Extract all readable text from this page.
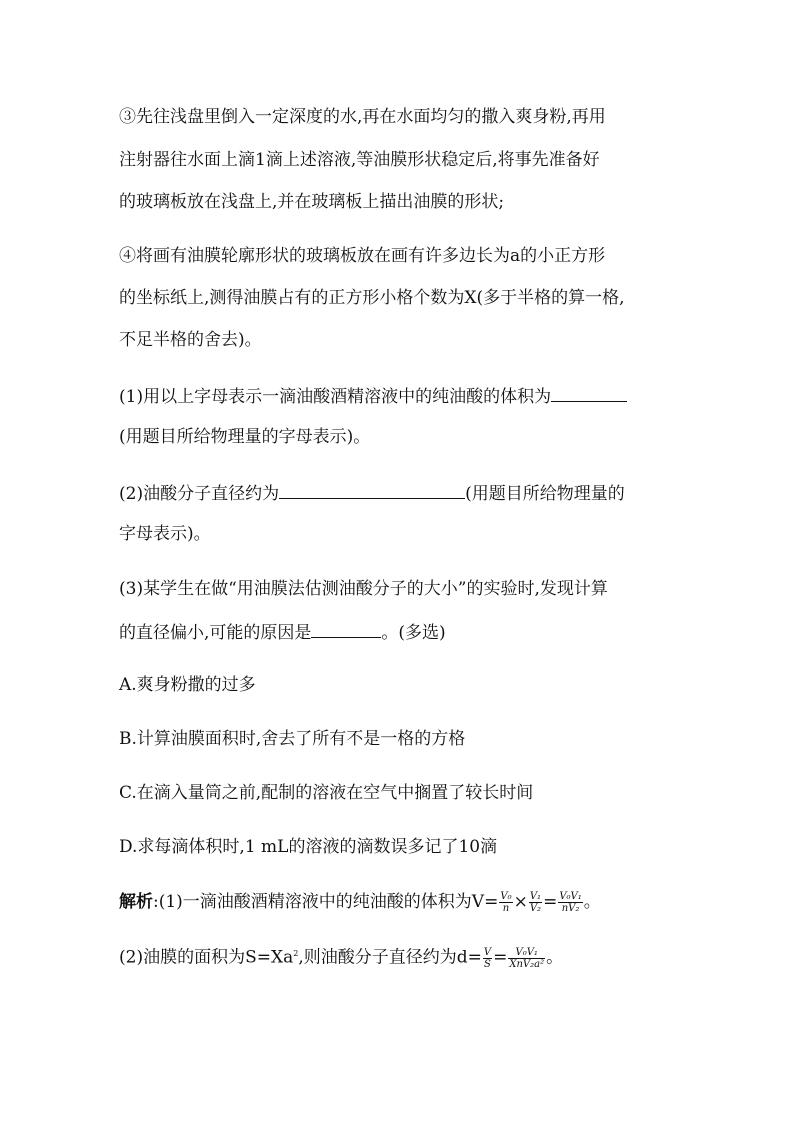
③先往浅盘里倒入一定深度的水,再在水面均匀的撒入爽身粉,再用
注射器往水面上滴1滴上述溶液,等油膜形状稳定后,将事先准备好
的玻璃板放在浅盘上,并在玻璃板上描出油膜的形状;
④将画有油膜轮廓形状的玻璃板放在画有许多边长为a的小正方形
的坐标纸上,测得油膜占有的正方形小格个数为X(多于半格的算一格,
不足半格的舍去)。
(1)用以上字母表示一滴油酸酒精溶液中的纯油酸的体积为
(用题目所给物理量的字母表示)。
(2)油酸分子直径约为	(用题目所给物理量的
字母表示)。
(3)某学生在做“用油膜法估测油酸分子的大小”的实验时,发现计算
的直径偏小,可能的原因是	。(多选)
A.爽身粉撒的过多
B.计算油膜面积时,舍去了所有不是一格的方格
C.在滴入量筒之前,配制的溶液在空气中搁置了较长时间
D.求每滴体积时,1 mL的溶液的滴数误多记了10滴
解析:(1)一滴油酸酒精溶液中的纯油酸的体积为$V= \frac{\text{V₀}}{n} \times \frac{\text{V₁}}{\text{V₂}} = \frac{\text{V₀V₁}}{\text{nV₂}}$ 。
(2)油膜的面积为$S=Xa^2$,则油酸分子直径约为$d= \frac{V}{S} = \frac{\text{V₀V₁}}{\text{XnV₂a²}}$ 。
